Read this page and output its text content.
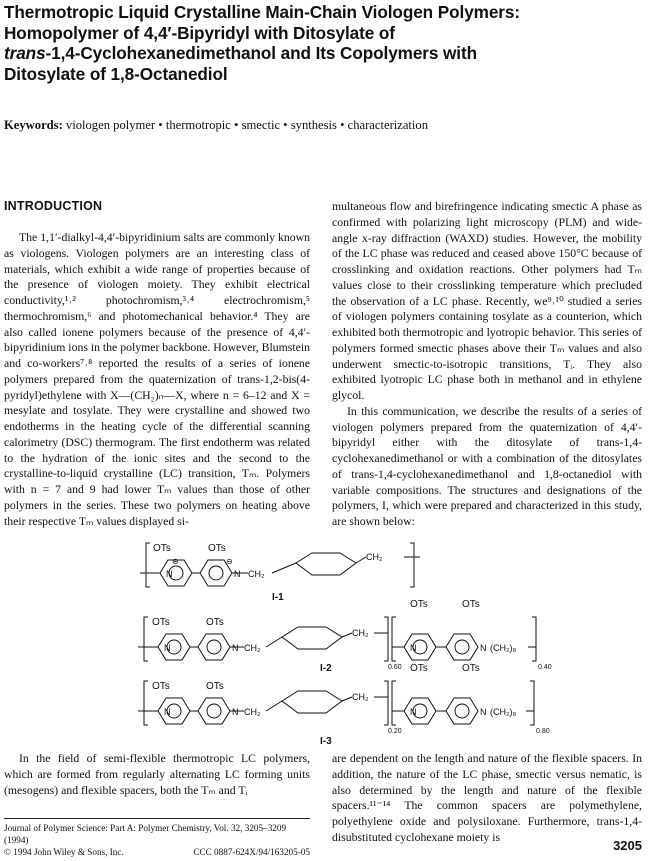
Thermotropic Liquid Crystalline Main-Chain Viologen Polymers:
Homopolymer of 4,4′-Bipyridyl with Ditosylate of
trans-1,4-Cyclohexanedimethanol and Its Copolymers with
Ditosylate of 1,8-Octanediol
Keywords: viologen polymer • thermotropic • smectic • synthesis • characterization
INTRODUCTION

The 1,1′-dialkyl-4,4′-bipyridinium salts are commonly known as viologens. Viologen polymers are an interesting class of materials, which exhibit a wide range of properties because of the presence of viologen moiety. They exhibit electrical conductivity,¹˒² photochromism,³˒⁴ electrochromism,⁵ thermochromism,⁶ and photomechanical behavior.⁴ They are also called ionene polymers because of the presence of 4,4′-bipyridinium ions in the polymer backbone. However, Blumstein and co-workers⁷˒⁸ reported the results of a series of ionene polymers prepared from the quaternization of trans-1,2-bis(4-pyridyl)ethylene with X—(CH₂)ₙ—X, where n = 6–12 and X = mesylate and tosylate. They were crystalline and showed two endotherms in the heating cycle of the differential scanning calorimetry (DSC) thermogram. The first endotherm was related to the hydration of the ionic sites and the second to the crystalline-to-liquid crystalline (LC) transition, Tₘ. Polymers with n = 7 and 9 had lower Tₘ values than those of other polymers in the series. These two polymers on heating above their respective Tₘ values displayed si-

multaneous flow and birefringence indicating smectic A phase as confirmed with polarizing light microscopy (PLM) and wide-angle x-ray diffraction (WAXD) studies. However, the mobility of the LC phase was reduced and ceased above 150°C because of crosslinking and oxidation reactions. Other polymers had Tₘ values close to their crosslinking temperature which precluded the observation of a LC phase. Recently, we⁹˒¹⁰ studied a series of viologen polymers containing tosylate as a counterion, which exhibited both thermotropic and lyotropic behavior. This series of polymers formed smectic phases above their Tₘ values and also underwent smectic-to-isotropic transitions, Tᵢ. They also exhibited lyotropic LC phase both in methanol and in ethylene glycol.

In this communication, we describe the results of a series of viologen polymers prepared from the quaternization of 4,4′-bipyridyl either with the ditosylate of trans-1,4-cyclohexanedimethanol or with a combination of the ditosylates of trans-1,4-cyclohexanedimethanol and 1,8-octanediol with variable compositions. The structures and designations of the polymers, I, which were prepared and characterized in this study, are shown below:

OTs	OTs
⊖	⊖
N	N CH₂
CH₂
I-1
OTs	OTs
OTs	OTs
N	N	N	N
CH₂
CH₂
(CH₂)₈
0.60	0.40
I-2
OTs	OTs
OTs	OTs
N	N	N	N
CH₂
CH₂
(CH₂)₈
0.20	0.80
I-3

In the field of semi-flexible thermotropic LC polymers, which are formed from regularly alternating LC forming units (mesogens) and flexible spacers, both the Tₘ and Tᵢ

are dependent on the length and nature of the flexible spacers. In addition, the nature of the LC phase, smectic versus nematic, is also determined by the length and nature of the flexible spacers.¹¹⁻¹⁴ The common spacers are polymethylene, polyethylene oxide and polysiloxane. Furthermore, trans-1,4-disubstituted cyclohexane moiety is

Journal of Polymer Science: Part A: Polymer Chemistry, Vol. 32, 3205–3209 (1994)
© 1994 John Wiley & Sons, Inc.	CCC 0887-624X/94/163205-05	3205
